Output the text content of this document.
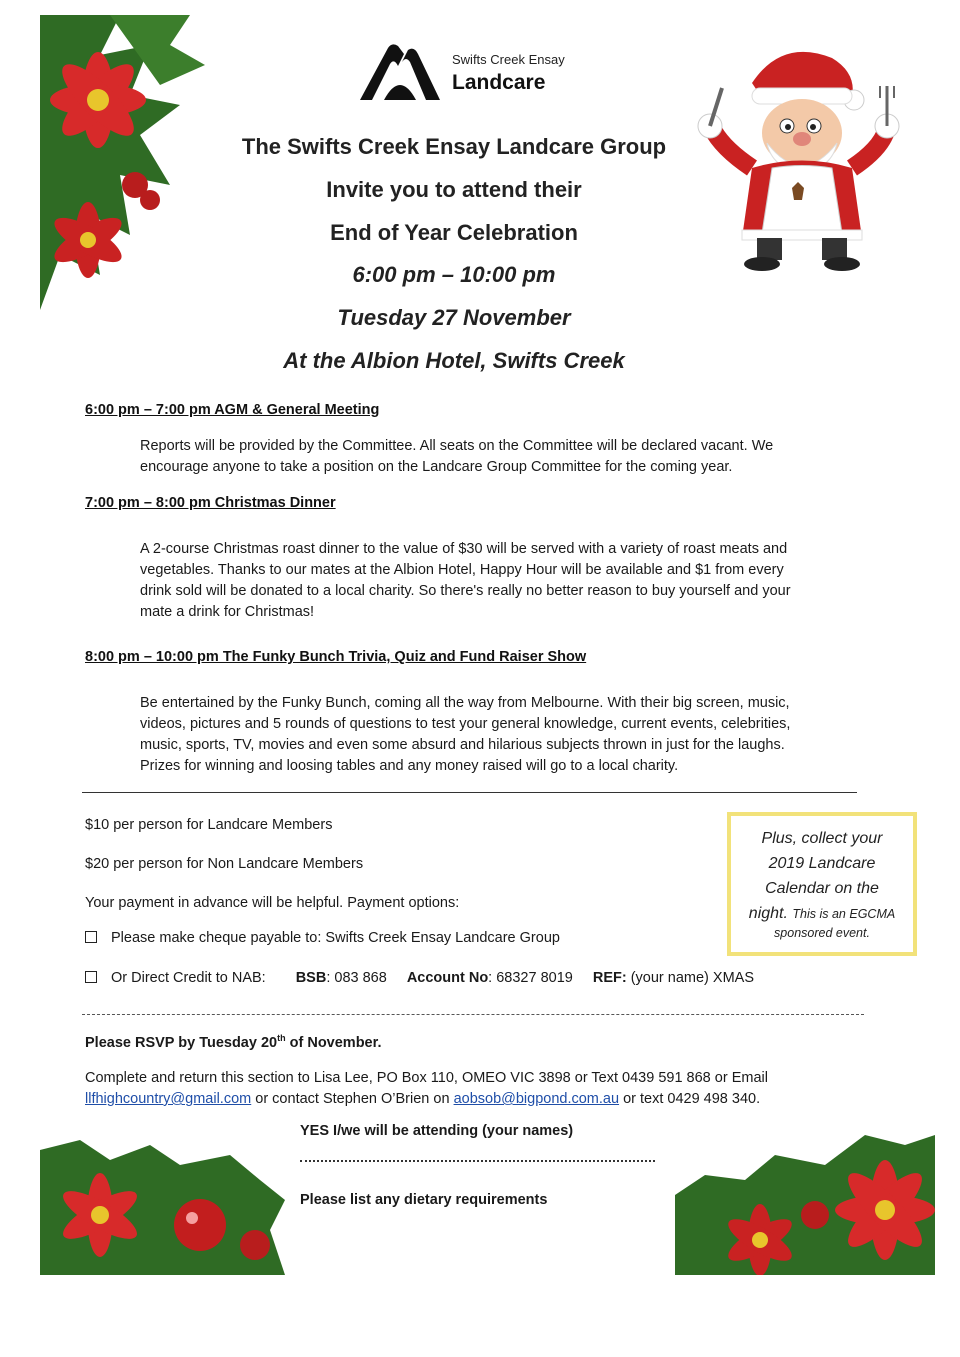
Swifts Creek Ensay
Landcare
The Swifts Creek Ensay Landcare Group
Invite you to attend their
End of Year Celebration
6:00 pm – 10:00 pm
Tuesday 27 November
At the Albion Hotel, Swifts Creek
6:00 pm – 7:00 pm AGM & General Meeting
Reports will be provided by the Committee. All seats on the Committee will be declared vacant. We
encourage anyone to take a position on the Landcare Group Committee for the coming year.
7:00 pm – 8:00 pm Christmas Dinner
A 2-course Christmas roast dinner to the value of $30 will be served with a variety of roast meats and
vegetables. Thanks to our mates at the Albion Hotel, Happy Hour will be available and $1 from every
drink sold will be donated to a local charity. So there's really no better reason to buy yourself and your
mate a drink for Christmas!
8:00 pm – 10:00 pm The Funky Bunch Trivia, Quiz and Fund Raiser Show
Be entertained by the Funky Bunch, coming all the way from Melbourne. With their big screen, music,
videos, pictures and 5 rounds of questions to test your general knowledge, current events, celebrities,
music, sports, TV, movies and even some absurd and hilarious subjects thrown in just for the laughs.
Prizes for winning and loosing tables and any money raised will go to a local charity.
$10 per person for Landcare Members
$20 per person for Non Landcare Members
Your payment in advance will be helpful. Payment options:
Please make cheque payable to: Swifts Creek Ensay Landcare Group
Or Direct Credit to NAB: BSB: 083 868 Account No: 68327 8019 REF: (your name) XMAS
Plus, collect your
2019 Landcare
Calendar on the
night. This is an EGCMA
sponsored event.
Please RSVP by Tuesday 20th of November.
Complete and return this section to Lisa Lee, PO Box 110, OMEO VIC 3898 or Text 0439 591 868 or Email
llfhighcountry@gmail.com or contact Stephen O’Brien on aobsob@bigpond.com.au or text 0429 498 340.
YES I/we will be attending (your names)
Please list any dietary requirements
